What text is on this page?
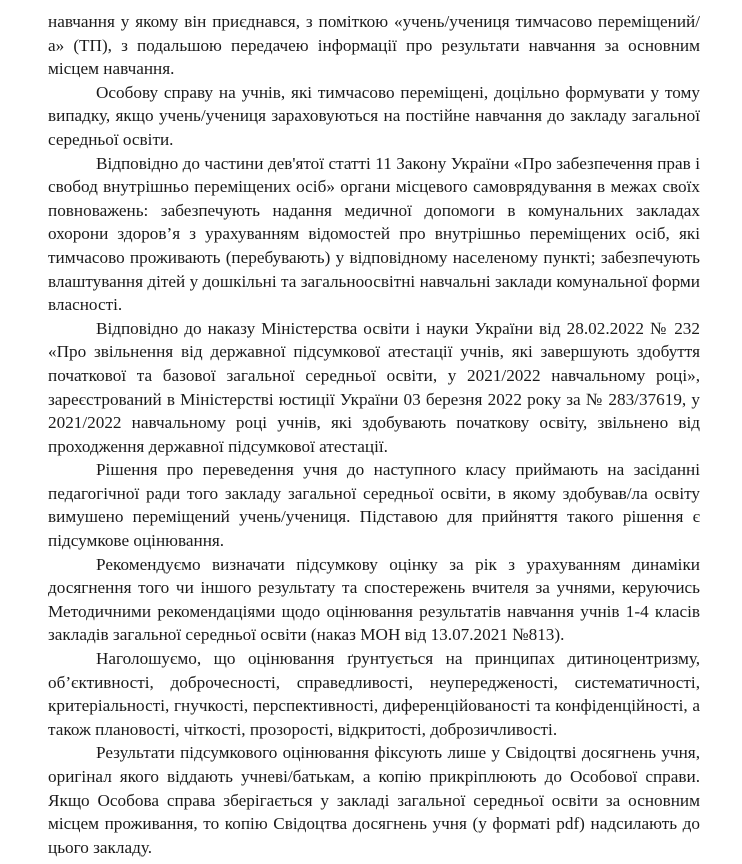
навчання у якому він приєднався, з поміткою «учень/учениця тимчасово переміщений/а» (ТП), з подальшою передачею інформації про результати навчання за основним місцем навчання.

Особову справу на учнів, які тимчасово переміщені, доцільно формувати у тому випадку, якщо учень/учениця зараховуються на постійне навчання до закладу загальної середньої освіти.

Відповідно до частини дев'ятої статті 11 Закону України «Про забезпечення прав і свобод внутрішньо переміщених осіб» органи місцевого самоврядування в межах своїх повноважень: забезпечують надання медичної допомоги в комунальних закладах охорони здоров’я з урахуванням відомостей про внутрішньо переміщених осіб, які тимчасово проживають (перебувають) у відповідному населеному пункті; забезпечують влаштування дітей у дошкільні та загальноосвітні навчальні заклади комунальної форми власності.

Відповідно до наказу Міністерства освіти і науки України від 28.02.2022 № 232 «Про звільнення від державної підсумкової атестації учнів, які завершують здобуття початкової та базової загальної середньої освіти, у 2021/2022 навчальному році», зареєстрований в Міністерстві юстиції України 03 березня 2022 року за № 283/37619, у 2021/2022 навчальному році учнів, які здобувають початкову освіту, звільнено від проходження державної підсумкової атестації.

Рішення про переведення учня до наступного класу приймають на засіданні педагогічної ради того закладу загальної середньої освіти, в якому здобував/ла освіту вимушено переміщений учень/учениця. Підставою для прийняття такого рішення є підсумкове оцінювання.

Рекомендуємо визначати підсумкову оцінку за рік з урахуванням динаміки досягнення того чи іншого результату та спостережень вчителя за учнями, керуючись Методичними рекомендаціями щодо оцінювання результатів навчання учнів 1-4 класів закладів загальної середньої освіти (наказ МОН від 13.07.2021 №813).

Наголошуємо, що оцінювання ґрунтується на принципах дитиноцентризму, об’єктивності, доброчесності, справедливості, неупередженості, систематичності, критеріальності, гнучкості, перспективності, диференційованості та конфіденційності, а також плановості, чіткості, прозорості, відкритості, доброзичливості.

Результати підсумкового оцінювання фіксують лише у Свідоцтві досягнень учня, оригінал якого віддають учневі/батькам, а копію прикріплюють до Особової справи. Якщо Особова справа зберігається у закладі загальної середньої освіти за основним місцем проживання, то копію Свідоцтва досягнень учня (у форматі pdf) надсилають до цього закладу.
